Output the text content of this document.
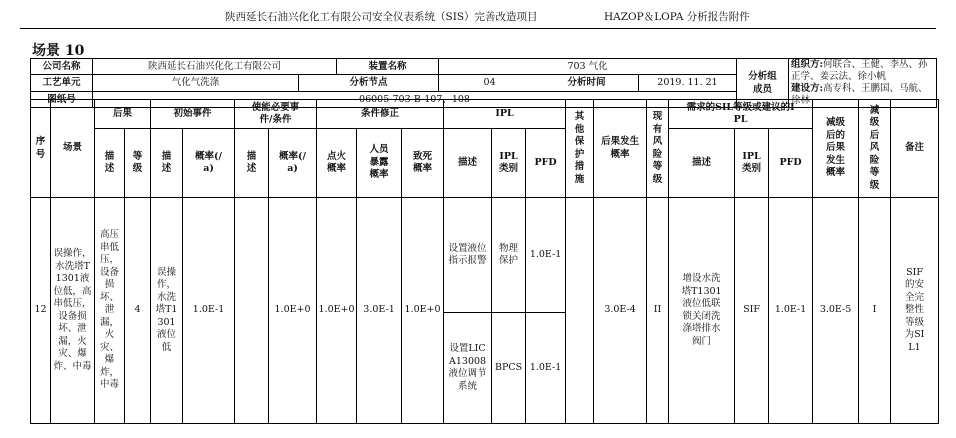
陕西延长石油兴化化工有限公司安全仪表系统（SIS）完善改造项目	HAZOP＆LOPA 分析报告附件
场景 10
公司名称	陕西延长石油兴化化工有限公司		装置名称	703 气化		分析组成员	组织方:何联合、王健、李丛、孙正学、姜云法、徐小帆
建设方:高专科、王鹏国、马航、徐林
工艺单元	气化气洗涤	分析节点		04 分析时间	2019. 11. 21		
图纸号	06005-703-B-107、108						
序号	场景	后果		初始事件		使能必要事件/条件		条件修正			IPL			其他保护措施	后果发生概率	现有风险等级	需求的SIL等级或建议的IPL			减级后的后果发生概率	减级后风险等级	备注

		描述	等级	描述	概率(/a)	描述	概率(/a)	点火概率	人员暴露概率	致死概率	描述	IPL类别	PFD				描述	IPL类别	PFD			
12	误操作，水洗塔T1301液位低，高串低压，设备损坏、泄漏，火灾、爆炸、中毒	高压串低压，设备损坏、泄漏，火灾、爆炸，中毒	4	误操作，水洗塔T1301液位低	1.0E-1		1.0E+0	1.0E+0	3.0E-1	1.0E+0	设置液位指示报警	物理保护	1.0E-1		3.0E-4	II	增设水洗塔T1301液位低联锁关闭洗涤塔排水阀门	SIF	1.0E-1	3.0E-5	I	SIF的安全完整性等级为SIL1

											设置LICA13008液位调节系统	BPCS	1.0E-1									
